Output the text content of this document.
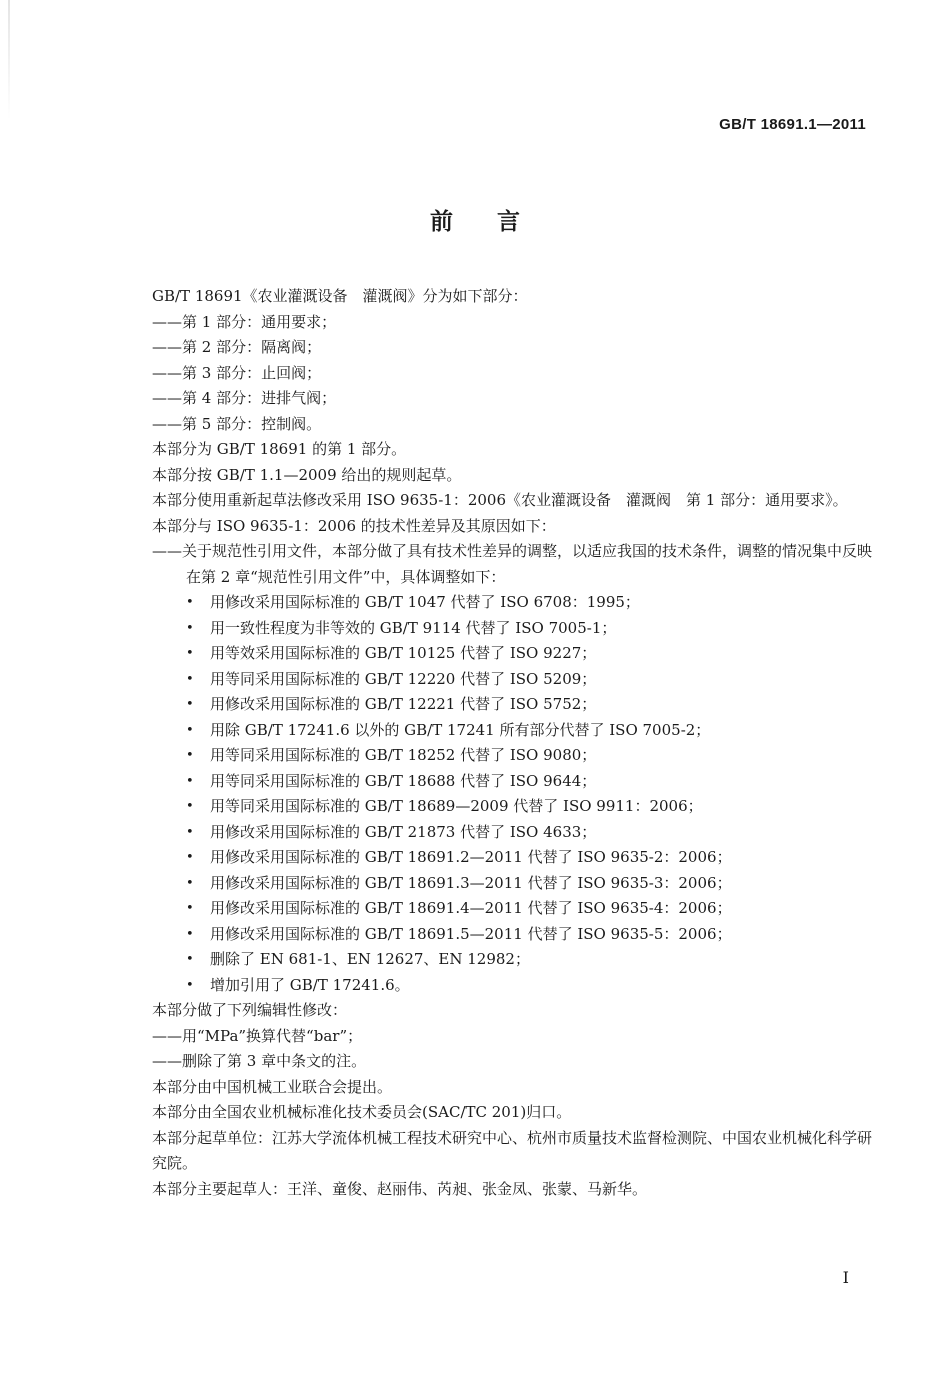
GB/T 18691.1—2011
前 言
GB/T 18691《农业灌溉设备　灌溉阀》分为如下部分：
——第 1 部分：通用要求；
——第 2 部分：隔离阀；
——第 3 部分：止回阀；
——第 4 部分：进排气阀；
——第 5 部分：控制阀。
本部分为 GB/T 18691 的第 1 部分。
本部分按 GB/T 1.1—2009 给出的规则起草。
本部分使用重新起草法修改采用 ISO 9635-1：2006《农业灌溉设备　灌溉阀　第 1 部分：通用要求》。
本部分与 ISO 9635-1：2006 的技术性差异及其原因如下：
——关于规范性引用文件，本部分做了具有技术性差异的调整，以适应我国的技术条件，调整的情况集中反映在第 2 章“规范性引用文件”中，具体调整如下：
• 用修改采用国际标准的 GB/T 1047 代替了 ISO 6708：1995；
• 用一致性程度为非等效的 GB/T 9114 代替了 ISO 7005-1；
• 用等效采用国际标准的 GB/T 10125 代替了 ISO 9227；
• 用等同采用国际标准的 GB/T 12220 代替了 ISO 5209；
• 用修改采用国际标准的 GB/T 12221 代替了 ISO 5752；
• 用除 GB/T 17241.6 以外的 GB/T 17241 所有部分代替了 ISO 7005-2；
• 用等同采用国际标准的 GB/T 18252 代替了 ISO 9080；
• 用等同采用国际标准的 GB/T 18688 代替了 ISO 9644；
• 用等同采用国际标准的 GB/T 18689—2009 代替了 ISO 9911：2006；
• 用修改采用国际标准的 GB/T 21873 代替了 ISO 4633；
• 用修改采用国际标准的 GB/T 18691.2—2011 代替了 ISO 9635-2：2006；
• 用修改采用国际标准的 GB/T 18691.3—2011 代替了 ISO 9635-3：2006；
• 用修改采用国际标准的 GB/T 18691.4—2011 代替了 ISO 9635-4：2006；
• 用修改采用国际标准的 GB/T 18691.5—2011 代替了 ISO 9635-5：2006；
• 删除了 EN 681-1、EN 12627、EN 12982；
• 增加引用了 GB/T 17241.6。
本部分做了下列编辑性修改：
——用“MPa”换算代替“bar”；
——删除了第 3 章中条文的注。
本部分由中国机械工业联合会提出。
本部分由全国农业机械标准化技术委员会(SAC/TC 201)归口。
本部分起草单位：江苏大学流体机械工程技术研究中心、杭州市质量技术监督检测院、中国农业机械化科学研究院。
本部分主要起草人：王洋、童俊、赵丽伟、芮昶、张金凤、张蒙、马新华。
I
